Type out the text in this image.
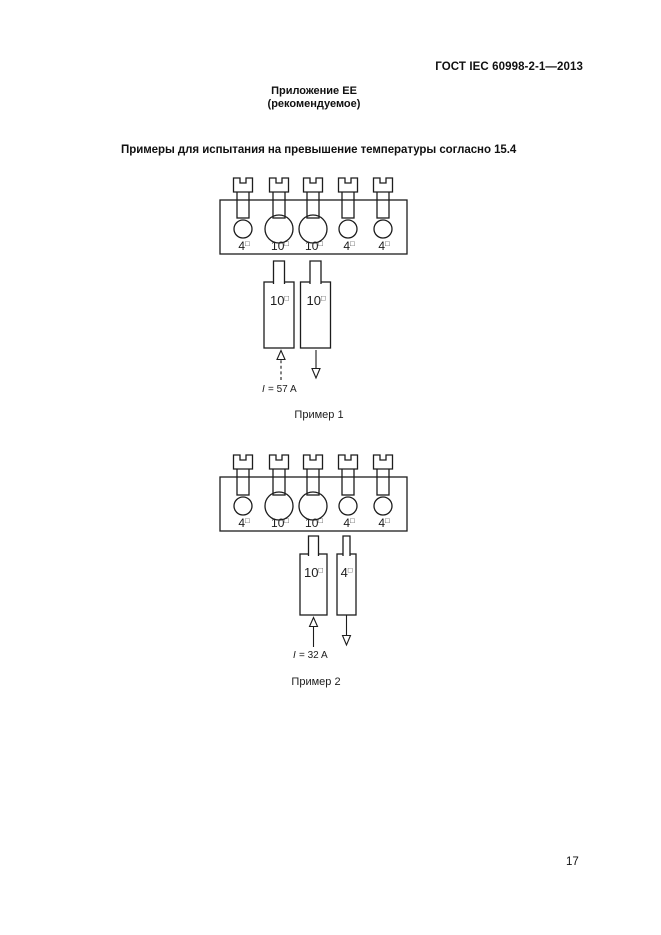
ГОСТ IEC 60998-2-1—2013
Приложение ЕЕ
(рекомендуемое)
Примеры для испытания на превышение температуры согласно 15.4
4□ 10□ 10□ 4□ 4□
10□ 10□
I = 57 A
Пример 1
4□ 10□ 10□ 4□ 4□
10□ 4□
I = 32 A
Пример 2
17
